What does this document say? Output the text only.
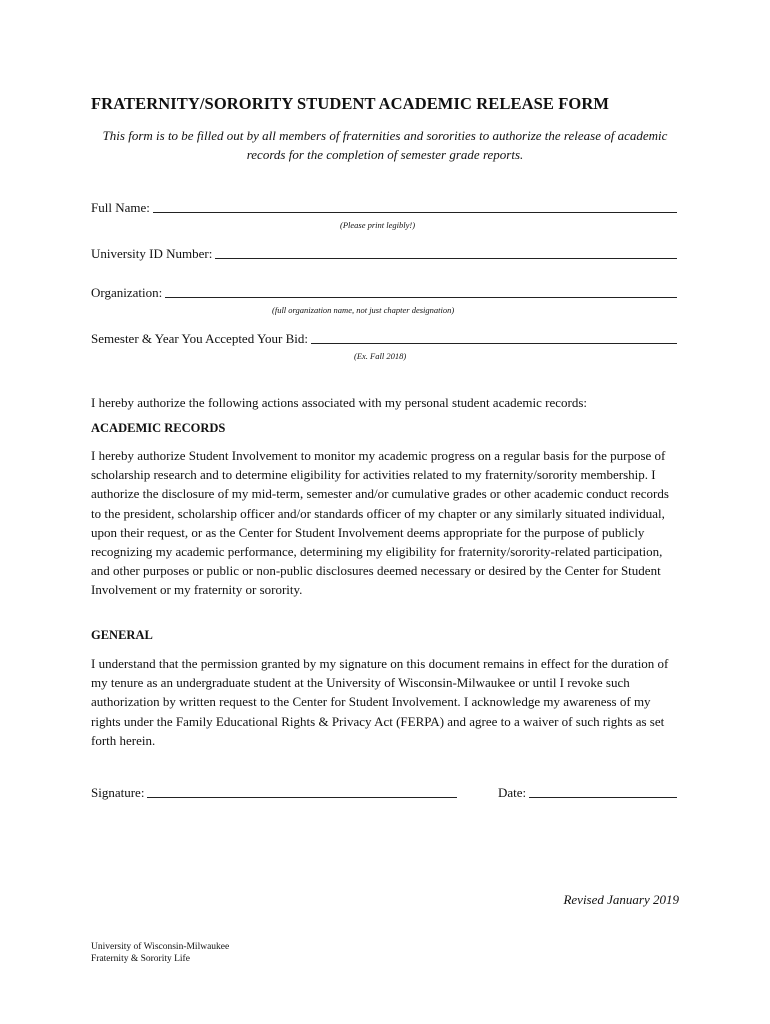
FRATERNITY/SORORITY STUDENT ACADEMIC RELEASE FORM
This form is to be filled out by all members of fraternities and sororities to authorize the release of academic records for the completion of semester grade reports.
Full Name:
(Please print legibly!)
University ID Number:
Organization:
(full organization name, not just chapter designation)
Semester & Year You Accepted Your Bid:
(Ex. Fall 2018)
I hereby authorize the following actions associated with my personal student academic records:
ACADEMIC RECORDS
I hereby authorize Student Involvement to monitor my academic progress on a regular basis for the purpose of scholarship research and to determine eligibility for activities related to my fraternity/sorority membership. I authorize the disclosure of my mid-term, semester and/or cumulative grades or other academic conduct records to the president, scholarship officer and/or standards officer of my chapter or any similarly situated individual, upon their request, or as the Center for Student Involvement deems appropriate for the purpose of publicly recognizing my academic performance, determining my eligibility for fraternity/sorority-related participation, and other purposes or public or non-public disclosures deemed necessary or desired by the Center for Student Involvement or my fraternity or sorority.
GENERAL
I understand that the permission granted by my signature on this document remains in effect for the duration of my tenure as an undergraduate student at the University of Wisconsin-Milwaukee or until I revoke such authorization by written request to the Center for Student Involvement. I acknowledge my awareness of my rights under the Family Educational Rights & Privacy Act (FERPA) and agree to a waiver of such rights as set forth herein.
Signature:	Date:
Revised January 2019
University of Wisconsin-Milwaukee
Fraternity & Sorority Life
